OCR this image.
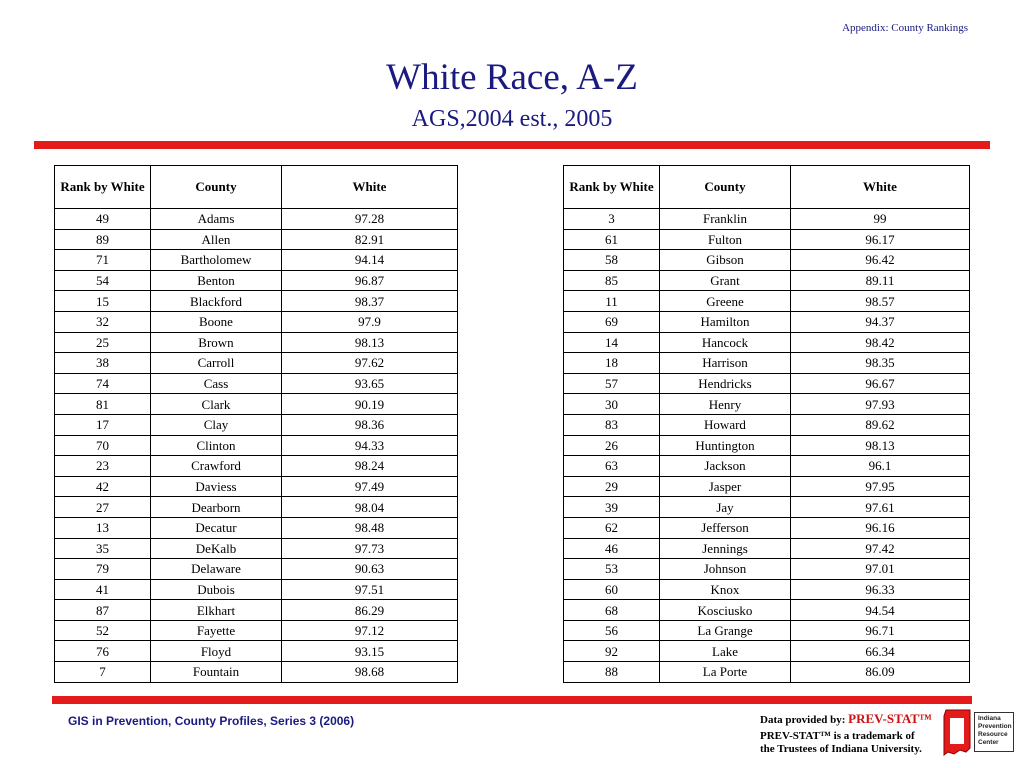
Appendix: County Rankings
White Race, A-Z
AGS,2004 est., 2005
Rank by White	County	White
49	Adams	97.28
89	Allen	82.91
71	Bartholomew	94.14
54	Benton	96.87
15	Blackford	98.37
32	Boone	97.9
25	Brown	98.13
38	Carroll	97.62
74	Cass	93.65
81	Clark	90.19
17	Clay	98.36
70	Clinton	94.33
23	Crawford	98.24
42	Daviess	97.49
27	Dearborn	98.04
13	Decatur	98.48
35	DeKalb	97.73
79	Delaware	90.63
41	Dubois	97.51
87	Elkhart	86.29
52	Fayette	97.12
76	Floyd	93.15
7	Fountain	98.68
Rank by White	County	White
3	Franklin	99
61	Fulton	96.17
58	Gibson	96.42
85	Grant	89.11
11	Greene	98.57
69	Hamilton	94.37
14	Hancock	98.42
18	Harrison	98.35
57	Hendricks	96.67
30	Henry	97.93
83	Howard	89.62
26	Huntington	98.13
63	Jackson	96.1
29	Jasper	97.95
39	Jay	97.61
62	Jefferson	96.16
46	Jennings	97.42
53	Johnson	97.01
60	Knox	96.33
68	Kosciusko	94.54
56	La Grange	96.71
92	Lake	66.34
88	La Porte	86.09
GIS in Prevention, County Profiles, Series 3 (2006)	Data provided by: PREV-STAT™
PREV-STAT™ is a trademark of
the Trustees of Indiana University.
Indiana
Prevention
Resource
Center
